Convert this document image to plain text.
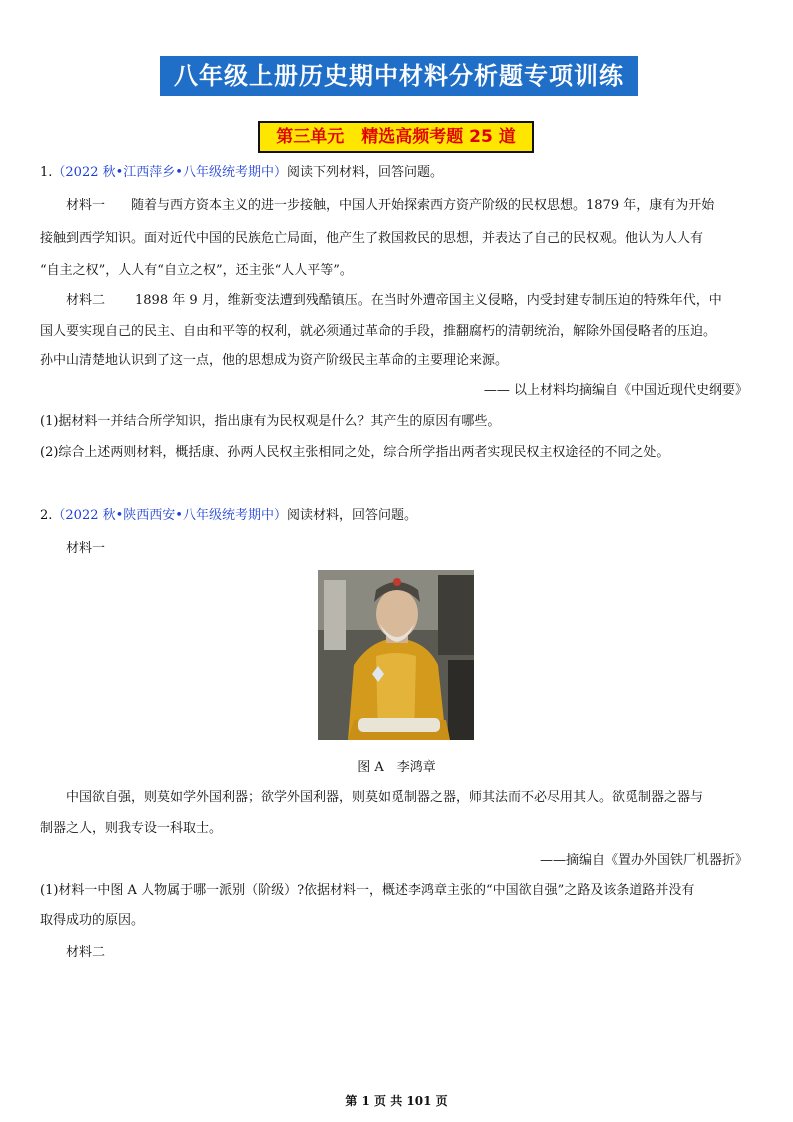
八年级上册历史期中材料分析题专项训练
第三单元　精选高频考题 25 道
1.（2022 秋•江西萍乡•八年级统考期中）阅读下列材料，回答问题。
材料一 随着与西方资本主义的进一步接触，中国人开始探索西方资产阶级的民权思想。1879 年，康有为开始
接触到西学知识。面对近代中国的民族危亡局面，他产生了救国救民的思想，并表达了自己的民权观。他认为人人有
“自主之权”，人人有“自立之权”，还主张“人人平等”。
材料二 1898 年 9 月，维新变法遭到残酷镇压。在当时外遭帝国主义侵略，内受封建专制压迫的特殊年代，中
国人要实现自己的民主、自由和平等的权利，就必须通过革命的手段，推翻腐朽的清朝统治，解除外国侵略者的压迫。
孙中山清楚地认识到了这一点，他的思想成为资产阶级民主革命的主要理论来源。
—— 以上材料均摘编自《中国近现代史纲要》
(1)据材料一并结合所学知识，指出康有为民权观是什么？其产生的原因有哪些。
(2)综合上述两则材料，概括康、孙两人民权主张相同之处，综合所学指出两者实现民权主权途径的不同之处。
2.（2022 秋•陕西西安•八年级统考期中）阅读材料，回答问题。
材料一
图 A　李鸿章
中国欲自强，则莫如学外国利器；欲学外国利器，则莫如觅制器之器，师其法而不必尽用其人。欲觅制器之器与
制器之人，则我专设一科取士。
——摘编自《置办外国铁厂机器折》
(1)材料一中图 A 人物属于哪一派别（阶级）?依据材料一，概述李鸿章主张的“中国欲自强”之路及该条道路并没有
取得成功的原因。
材料二
第 1 页 共 101 页
